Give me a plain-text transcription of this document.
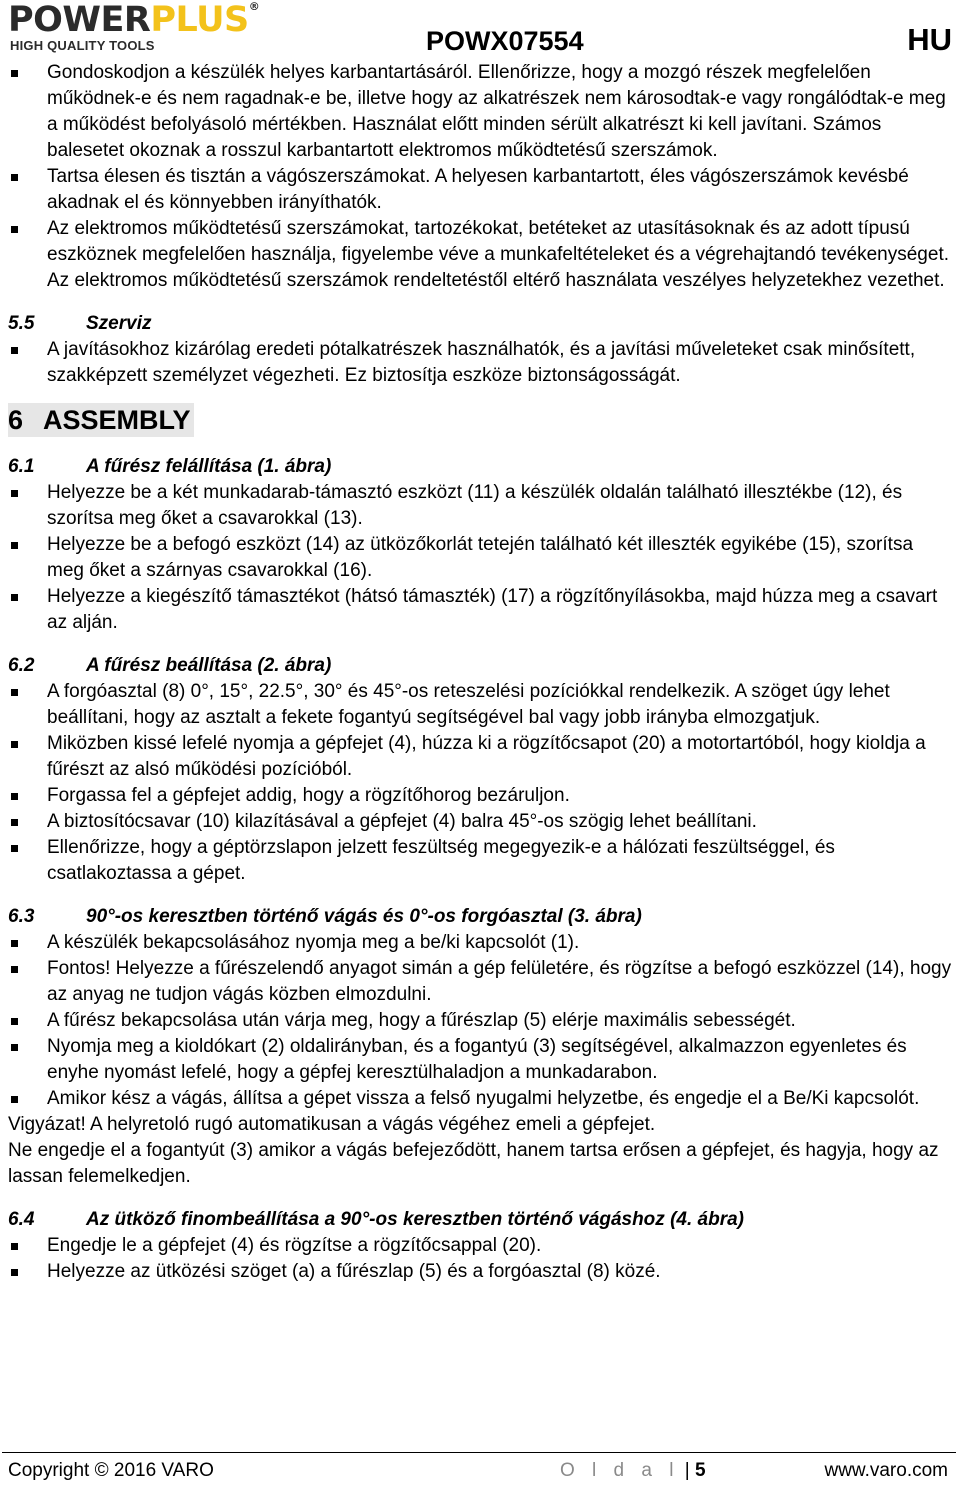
POWERPLUS®
HIGH QUALITY TOOLS	POWX07554	HU

Gondoskodjon a készülék helyes karbantartásáról. Ellenőrizze, hogy a mozgó részek megfelelően működnek-e és nem ragadnak-e be, illetve hogy az alkatrészek nem károsodtak-e vagy rongálódtak-e meg a működést befolyásoló mértékben. Használat előtt minden sérült alkatrészt ki kell javítani. Számos balesetet okoznak a rosszul karbantartott elektromos működtetésű szerszámok.

Tartsa élesen és tisztán a vágószerszámokat. A helyesen karbantartott, éles vágószerszámok kevésbé akadnak el és könnyebben irányíthatók.

Az elektromos működtetésű szerszámokat, tartozékokat, betéteket az utasításoknak és az adott típusú eszköznek megfelelően használja, figyelembe véve a munkafeltételeket és a végrehajtandó tevékenységet. Az elektromos működtetésű szerszámok rendeltetéstől eltérő használata veszélyes helyzetekhez vezethet.

5.5	Szerviz

A javításokhoz kizárólag eredeti pótalkatrészek használhatók, és a javítási műveleteket csak minősített, szakképzett személyzet végezheti. Ez biztosítja eszköze biztonságosságát.

6 ASSEMBLY
6.1	A fűrész felállítása (1. ábra)

Helyezze be a két munkadarab-támasztó eszközt (11) a készülék oldalán található illesztékbe (12), és szorítsa meg őket a csavarokkal (13).

Helyezze be a befogó eszközt (14) az ütközőkorlát tetején található két illeszték egyikébe (15), szorítsa meg őket a szárnyas csavarokkal (16).

Helyezze a kiegészítő támasztékot (hátsó támaszték) (17) a rögzítőnyílásokba, majd húzza meg a csavart az alján.

6.2	A fűrész beállítása (2. ábra)

A forgóasztal (8) 0°, 15°, 22.5°, 30° és 45°-os reteszelési pozíciókkal rendelkezik. A szöget úgy lehet beállítani, hogy az asztalt a fekete fogantyú segítségével bal vagy jobb irányba elmozgatjuk.

Miközben kissé lefelé nyomja a gépfejet (4), húzza ki a rögzítőcsapot (20) a motortartóból, hogy kioldja a fűrészt az alsó működési pozícióból.

Forgassa fel a gépfejet addig, hogy a rögzítőhorog bezáruljon.

A biztosítócsavar (10) kilazításával a gépfejet (4) balra 45°-os szögig lehet beállítani.

Ellenőrizze, hogy a géptörzslapon jelzett feszültség megegyezik-e a hálózati feszültséggel, és csatlakoztassa a gépet.

6.3	90°-os keresztben történő vágás és 0°-os forgóasztal (3. ábra)

A készülék bekapcsolásához nyomja meg a be/ki kapcsolót (1).

Fontos! Helyezze a fűrészelendő anyagot simán a gép felületére, és rögzítse a befogó eszközzel (14), hogy az anyag ne tudjon vágás közben elmozdulni.

A fűrész bekapcsolása után várja meg, hogy a fűrészlap (5) elérje maximális sebességét.

Nyomja meg a kioldókart (2) oldalirányban, és a fogantyú (3) segítségével, alkalmazzon egyenletes és enyhe nyomást lefelé, hogy a gépfej keresztülhaladjon a munkadarabon.

Amikor kész a vágás, állítsa a gépet vissza a felső nyugalmi helyzetbe, és engedje el a Be/Ki kapcsolót.

Vigyázat! A helyretoló rugó automatikusan a vágás végéhez emeli a gépfejet.

Ne engedje el a fogantyút (3) amikor a vágás befejeződött, hanem tartsa erősen a gépfejet, és hagyja, hogy az lassan felemelkedjen.

6.4	Az ütköző finombeállítása a 90°-os keresztben történő vágáshoz (4. ábra)

Engedje le a gépfejet (4) és rögzítse a rögzítőcsappal (20).

Helyezze az ütközési szöget (a) a fűrészlap (5) és a forgóasztal (8) közé.

Copyright © 2016 VARO	O l d a l | 5	www.varo.com
